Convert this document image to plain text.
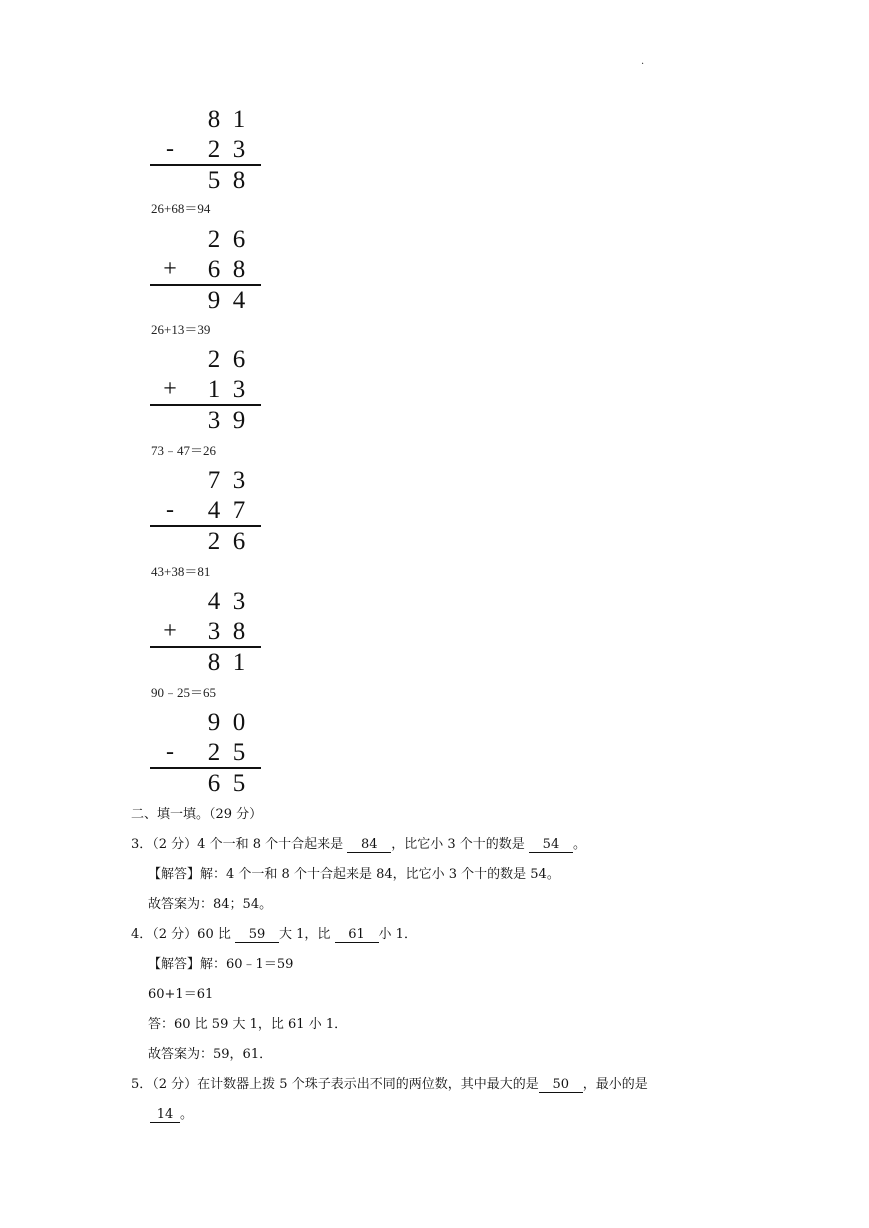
.
8 1
-	2 3
5 8
26+68＝94
2 6
+ 6 8
9 4
26+13＝39
2 6
+ 1 3
3 9
73﹣47＝26
7 3
-	4 7
2 6
43+38＝81
4 3
+ 3 8
8 1
90﹣25＝65
9 0
-	2 5
6 5
二、填一填。（29 分）
3．（2 分）4 个一和 8 个十合起来是 84 ，比它小 3 个十的数是 54 。
【解答】解：4 个一和 8 个十合起来是 84，比它小 3 个十的数是 54。
故答案为：84；54。
4．（2 分）60 比 59 大 1，比 61 小 1．
【解答】解：60﹣1＝59
60+1＝61
答：60 比 59 大 1，比 61 小 1．
故答案为：59，61．
5．（2 分）在计数器上拨 5 个珠子表示出不同的两位数，其中最大的是 50 ，最小的是
14 。
